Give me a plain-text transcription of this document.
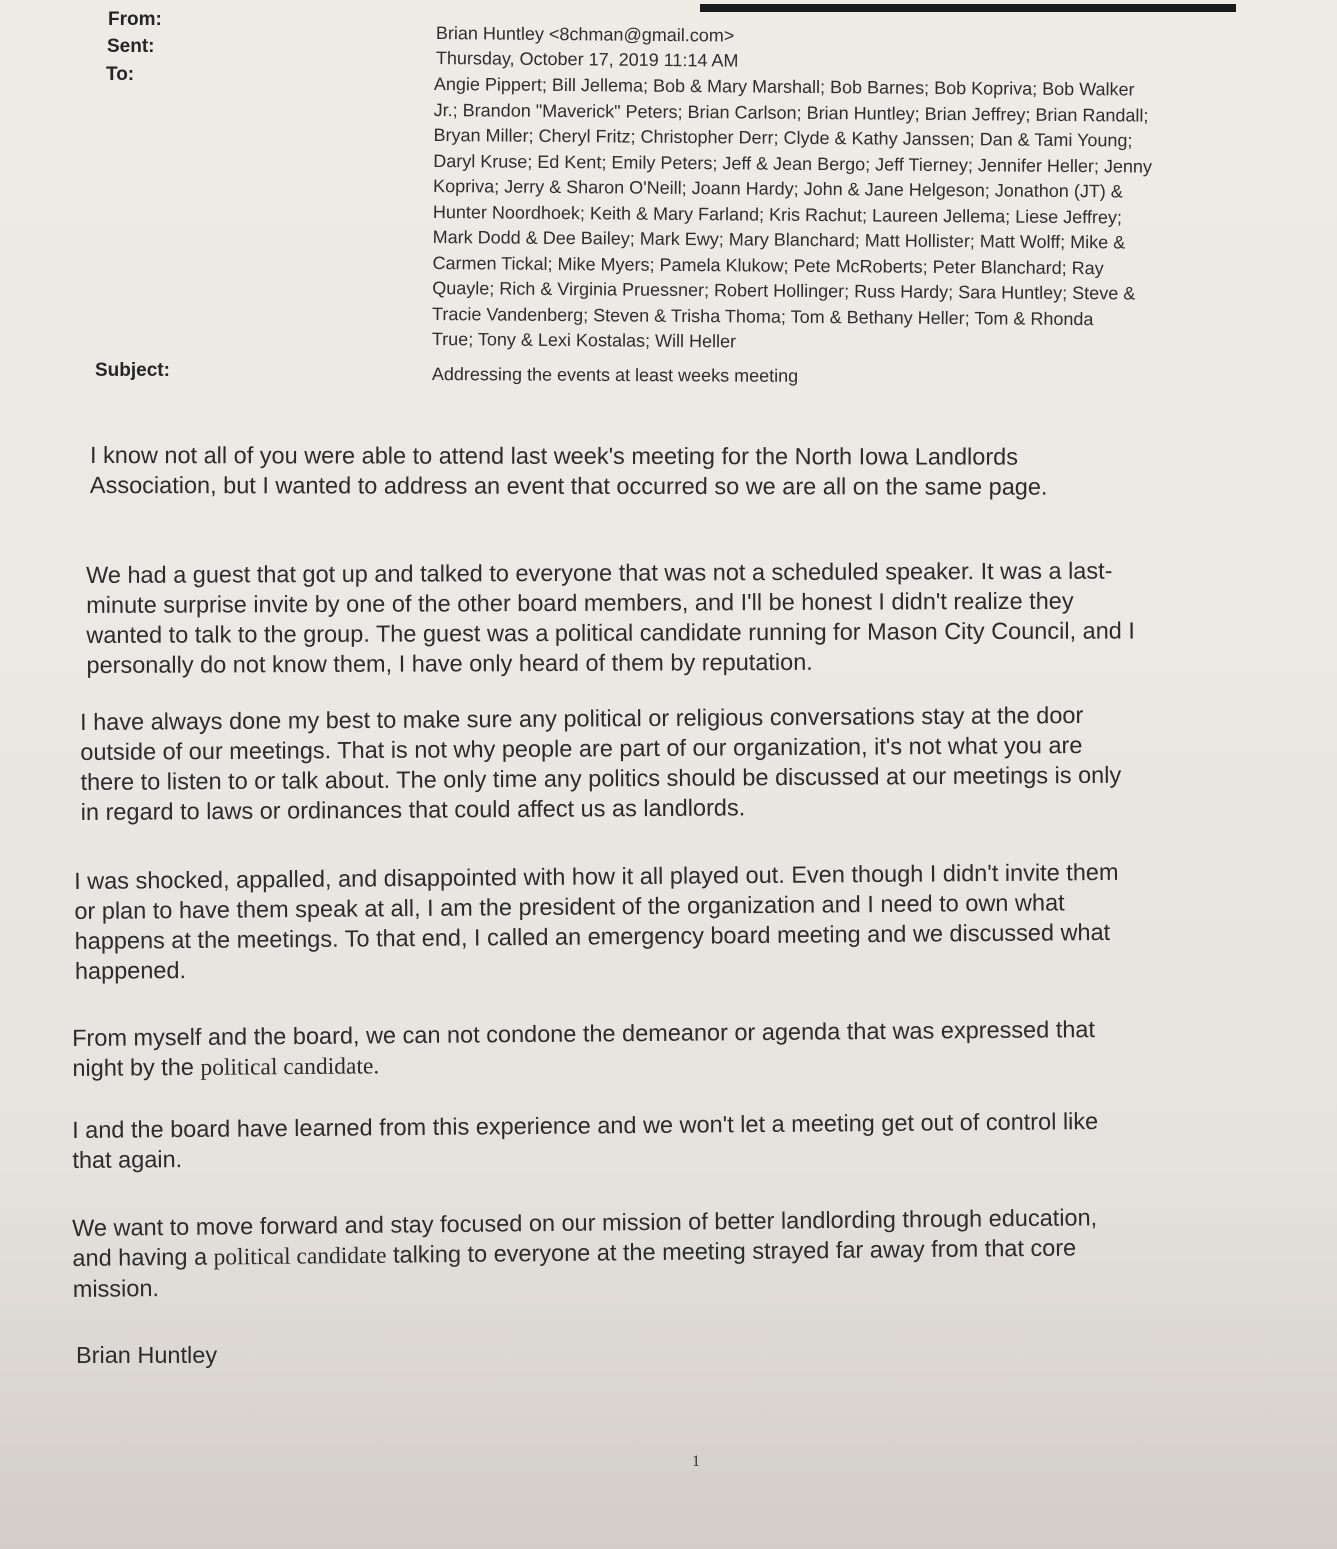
From:
Sent:
To:
Subject:
Brian Huntley <8chman@gmail.com>
Thursday, October 17, 2019 11:14 AM
Angie Pippert; Bill Jellema; Bob & Mary Marshall; Bob Barnes; Bob Kopriva; Bob Walker
Jr.; Brandon "Maverick" Peters; Brian Carlson; Brian Huntley; Brian Jeffrey; Brian Randall;
Bryan Miller; Cheryl Fritz; Christopher Derr; Clyde & Kathy Janssen; Dan & Tami Young;
Daryl Kruse; Ed Kent; Emily Peters; Jeff & Jean Bergo; Jeff Tierney; Jennifer Heller; Jenny
Kopriva; Jerry & Sharon O'Neill; Joann Hardy; John & Jane Helgeson; Jonathon (JT) &
Hunter Noordhoek; Keith & Mary Farland; Kris Rachut; Laureen Jellema; Liese Jeffrey;
Mark Dodd & Dee Bailey; Mark Ewy; Mary Blanchard; Matt Hollister; Matt Wolff; Mike &
Carmen Tickal; Mike Myers; Pamela Klukow; Pete McRoberts; Peter Blanchard; Ray
Quayle; Rich & Virginia Pruessner; Robert Hollinger; Russ Hardy; Sara Huntley; Steve &
Tracie Vandenberg; Steven & Trisha Thoma; Tom & Bethany Heller; Tom & Rhonda
True; Tony & Lexi Kostalas; Will Heller
Addressing the events at least weeks meeting
I know not all of you were able to attend last week's meeting for the North Iowa Landlords
Association, but I wanted to address an event that occurred so we are all on the same page.
We had a guest that got up and talked to everyone that was not a scheduled speaker. It was a last-
minute surprise invite by one of the other board members, and I'll be honest I didn't realize they
wanted to talk to the group. The guest was a political candidate running for Mason City Council, and I
personally do not know them, I have only heard of them by reputation.
I have always done my best to make sure any political or religious conversations stay at the door
outside of our meetings. That is not why people are part of our organization, it's not what you are
there to listen to or talk about. The only time any politics should be discussed at our meetings is only
in regard to laws or ordinances that could affect us as landlords.
I was shocked, appalled, and disappointed with how it all played out. Even though I didn't invite them
or plan to have them speak at all, I am the president of the organization and I need to own what
happens at the meetings. To that end, I called an emergency board meeting and we discussed what
happened.
From myself and the board, we can not condone the demeanor or agenda that was expressed that
night by the political candidate.
I and the board have learned from this experience and we won't let a meeting get out of control like
that again.
We want to move forward and stay focused on our mission of better landlording through education,
and having a political candidate talking to everyone at the meeting strayed far away from that core
mission.
Brian Huntley
1
